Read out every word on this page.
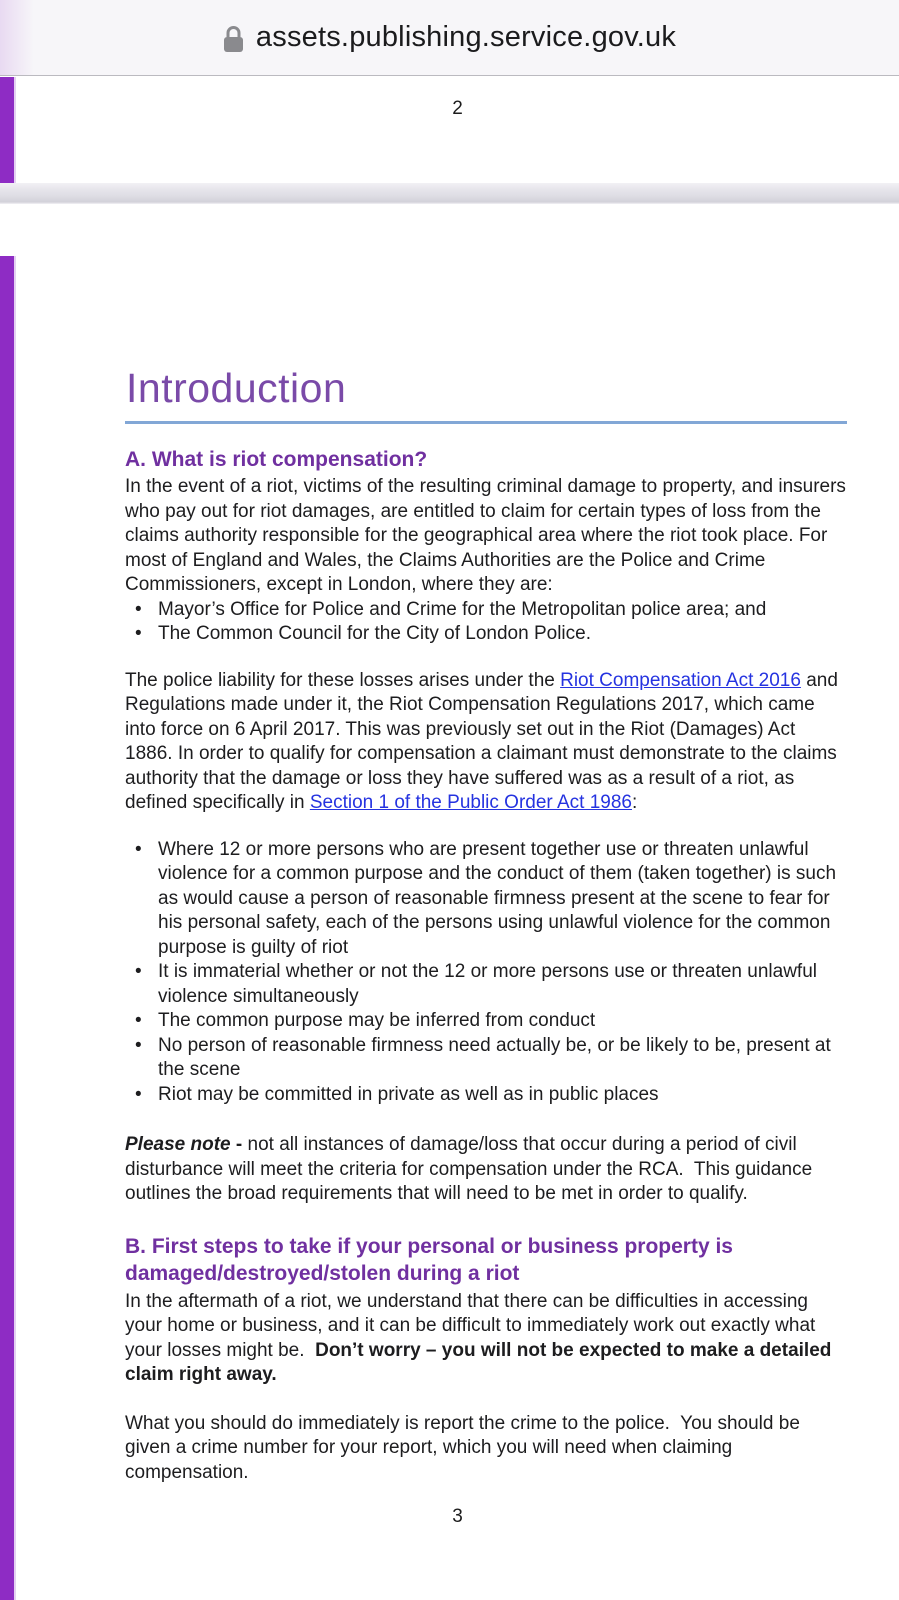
assets.publishing.service.gov.uk
2
Introduction
A. What is riot compensation?

In the event of a riot, victims of the resulting criminal damage to property, and insurers who pay out for riot damages, are entitled to claim for certain types of loss from the claims authority responsible for the geographical area where the riot took place. For most of England and Wales, the Claims Authorities are the Police and Crime Commissioners, except in London, where they are:

• Mayor’s Office for Police and Crime for the Metropolitan police area; and
• The Common Council for the City of London Police.

The police liability for these losses arises under the Riot Compensation Act 2016 and Regulations made under it, the Riot Compensation Regulations 2017, which came into force on 6 April 2017. This was previously set out in the Riot (Damages) Act 1886. In order to qualify for compensation a claimant must demonstrate to the claims authority that the damage or loss they have suffered was as a result of a riot, as defined specifically in Section 1 of the Public Order Act 1986:

• Where 12 or more persons who are present together use or threaten unlawful violence for a common purpose and the conduct of them (taken together) is such as would cause a person of reasonable firmness present at the scene to fear for his personal safety, each of the persons using unlawful violence for the common purpose is guilty of riot
• It is immaterial whether or not the 12 or more persons use or threaten unlawful violence simultaneously
• The common purpose may be inferred from conduct
• No person of reasonable firmness need actually be, or be likely to be, present at the scene
• Riot may be committed in private as well as in public places

Please note - not all instances of damage/loss that occur during a period of civil disturbance will meet the criteria for compensation under the RCA.  This guidance outlines the broad requirements that will need to be met in order to qualify.

B. First steps to take if your personal or business property is damaged/destroyed/stolen during a riot

In the aftermath of a riot, we understand that there can be difficulties in accessing your home or business, and it can be difficult to immediately work out exactly what your losses might be.  Don’t worry – you will not be expected to make a detailed claim right away.

What you should do immediately is report the crime to the police.  You should be given a crime number for your report, which you will need when claiming compensation.

3
